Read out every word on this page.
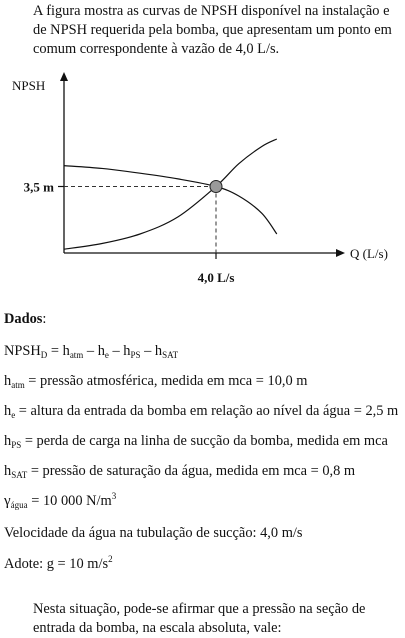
A figura mostra as curvas de NPSH disponível na instalação e de NPSH requerida pela bomba, que apresentam um ponto em comum correspondente à vazão de 4,0 L/s.

NPSH
Q (L/s)
3,5 m
4,0 L/s
Dados:
$NPSH_D = h_{atm} - h_e - h_{PS} - h_{SAT}$
$h_{atm}$ = pressão atmosférica, medida em mca = 10,0 m
$h_e$ = altura da entrada da bomba em relação ao nível da água = 2,5 m
$h_{PS}$ = perda de carga na linha de sucção da bomba, medida em mca
$h_{SAT}$ = pressão de saturação da água, medida em mca = 0,8 m
$\gamma_{água} = 10$ 000 $N/m^3$
Velocidade da água na tubulação de sucção: 4,0 m/s
Adote: g = 10 $m/s^2$

Nesta situação, pode-se afirmar que a pressão na seção de entrada da bomba, na escala absoluta, vale:
